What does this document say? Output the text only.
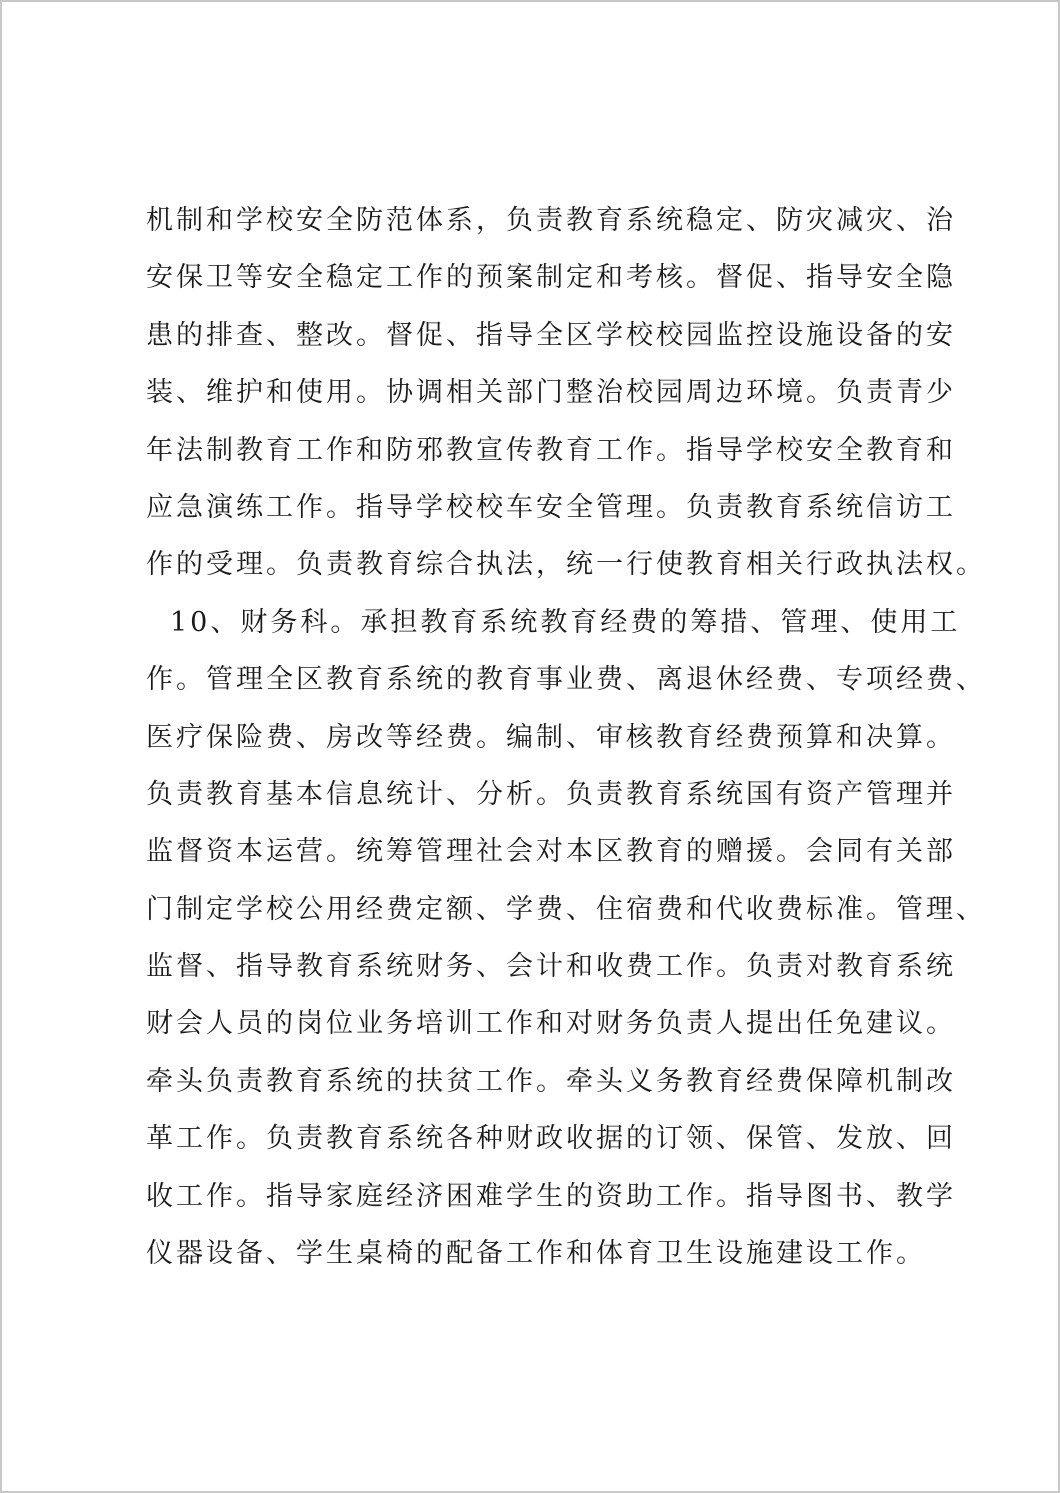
机制和学校安全防范体系，负责教育系统稳定、防灾减灾、治
安保卫等安全稳定工作的预案制定和考核。督促、指导安全隐
患的排查、整改。督促、指导全区学校校园监控设施设备的安
装、维护和使用。协调相关部门整治校园周边环境。负责青少
年法制教育工作和防邪教宣传教育工作。指导学校安全教育和
应急演练工作。指导学校校车安全管理。负责教育系统信访工
作的受理。负责教育综合执法，统一行使教育相关行政执法权。
10、财务科。承担教育系统教育经费的筹措、管理、使用工
作。管理全区教育系统的教育事业费、离退休经费、专项经费、
医疗保险费、房改等经费。编制、审核教育经费预算和决算。
负责教育基本信息统计、分析。负责教育系统国有资产管理并
监督资本运营。统筹管理社会对本区教育的赠援。会同有关部
门制定学校公用经费定额、学费、住宿费和代收费标准。管理、
监督、指导教育系统财务、会计和收费工作。负责对教育系统
财会人员的岗位业务培训工作和对财务负责人提出任免建议。
牵头负责教育系统的扶贫工作。牵头义务教育经费保障机制改
革工作。负责教育系统各种财政收据的订领、保管、发放、回
收工作。指导家庭经济困难学生的资助工作。指导图书、教学
仪器设备、学生桌椅的配备工作和体育卫生设施建设工作。
